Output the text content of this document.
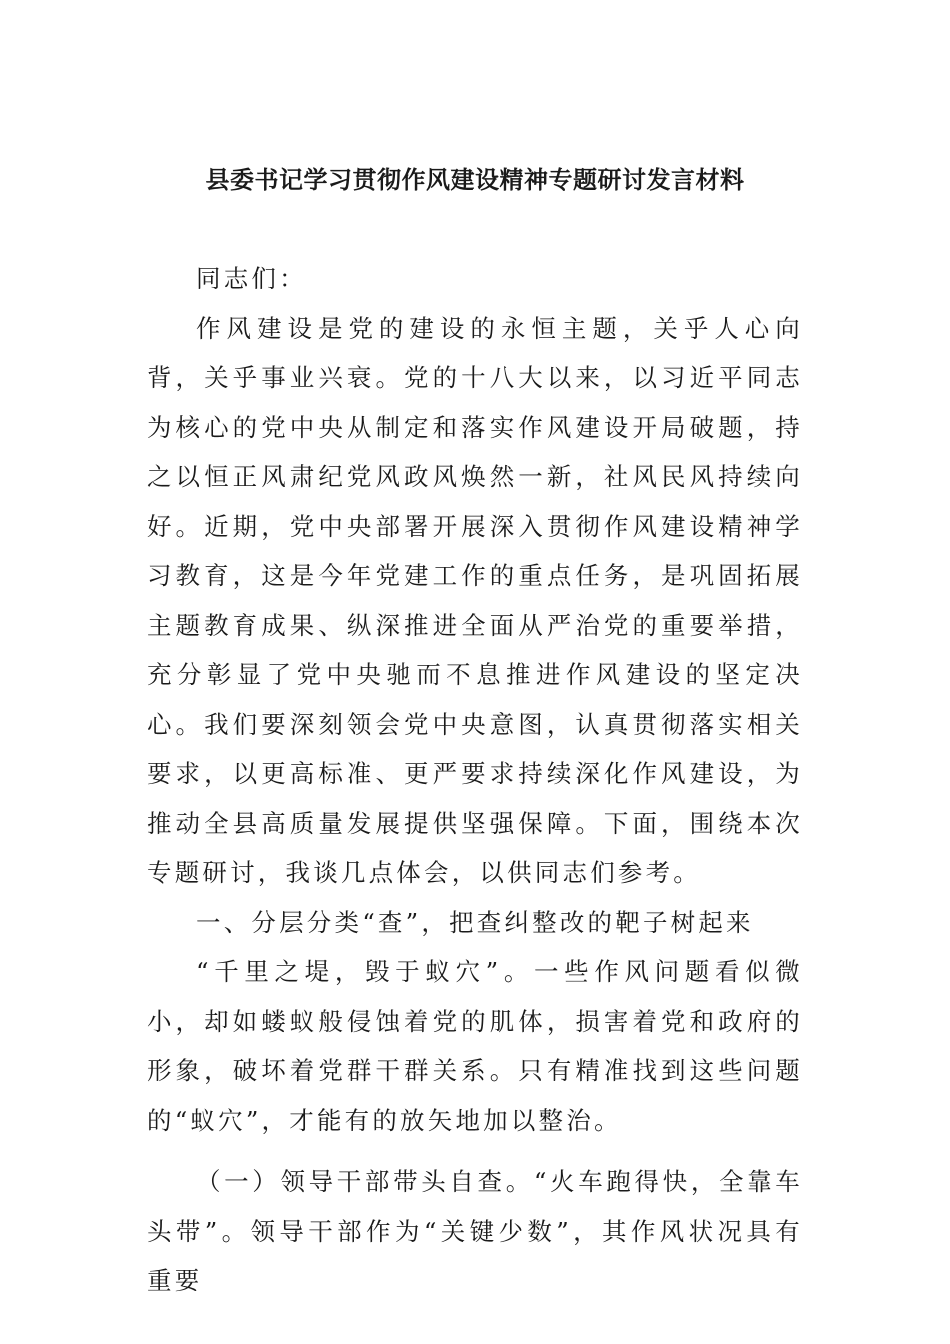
县委书记学习贯彻作风建设精神专题研讨发言材料

同志们：

作风建设是党的建设的永恒主题，关乎人心向背，关乎事业兴衰。党的十八大以来，以习近平同志为核心的党中央从制定和落实作风建设开局破题，持之以恒正风肃纪党风政风焕然一新，社风民风持续向好。近期，党中央部署开展深入贯彻作风建设精神学习教育，这是今年党建工作的重点任务，是巩固拓展主题教育成果、纵深推进全面从严治党的重要举措，充分彰显了党中央驰而不息推进作风建设的坚定决心。我们要深刻领会党中央意图，认真贯彻落实相关要求，以更高标准、更严要求持续深化作风建设，为推动全县高质量发展提供坚强保障。下面，围绕本次专题研讨，我谈几点体会，以供同志们参考。

一、分层分类“查”，把查纠整改的靶子树起来

“千里之堤，毁于蚁穴”。一些作风问题看似微小，却如蝼蚁般侵蚀着党的肌体，损害着党和政府的形象，破坏着党群干群关系。只有精准找到这些问题的“蚁穴”，才能有的放矢地加以整治。

（一）领导干部带头自查。“火车跑得快，全靠车头带”。领导干部作为“关键少数”，其作风状况具有重要
